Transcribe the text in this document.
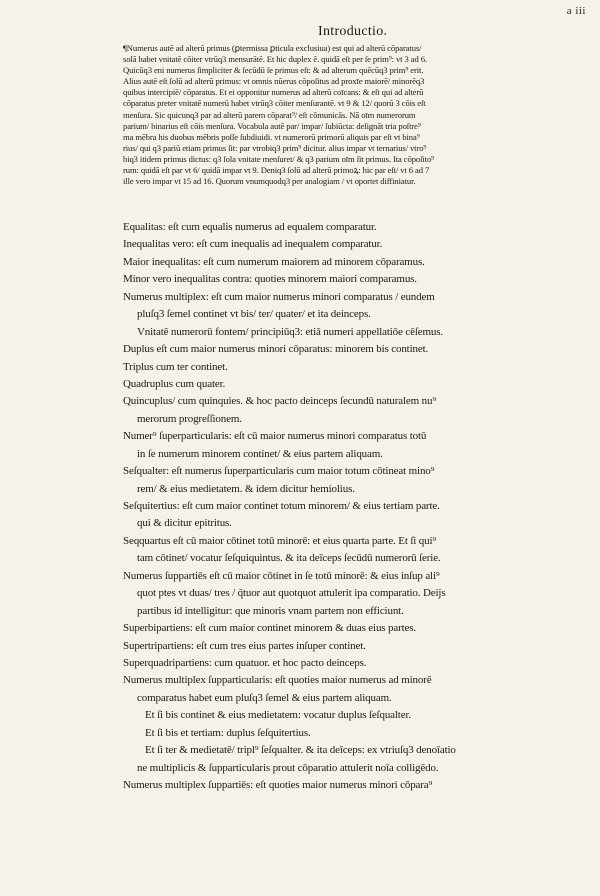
a iii
Introductio.
¶Numerus autē ad alterū primus (ꝑtermissa ꝑticula exclusiua) est qui ad alterū cōparatus/
solā habet vnitatē cōiter vtrūq3 mensurātē. Et hic duplex ē. quidā eſt per ſe prim⁹: vt 3 ad 6.
Quicūq3 eni numerus ſimpliciter & ſecūdū ſe primus eſt: & ad alterum quēcūq3 prim⁹ erit.
Alius autē eſt ſolū ad alterū primus: vt omnis nūerus cōpoſitus ad proxīe maiorē/ minorēq3
quibus intercipiē/ cōparatus. Et ei opponitur numerus ad alterū coīcans: & eſt qui ad alterū
cōparatus preter vnitatē numerū habet vtrūq3 cōiter menſurantē. vt 9 & 12/ quorū 3 cōis eſt
menſura. Sic quicunq3 par ad alterū parem cōparat⁹/ eſt cōmunicās. Nā oīm numerorum
parium/ binarius eſt cōis menſura. Vocabula autē par/ impar/ ſubiūcta: deſignāt tria poſtre⁹
ma mēbra his duobus mēbris poſſe ſubdiuidi. vt numerorū primorū aliquis par eſt vt bina⁹
rius/ qui q3 pariū etiam primus ſit: par vtrobiq3 prim⁹ dicitur. alius impar vt ternarius/ vtro⁹
biq3 itidem primus dictus: q3 ſola vnitate menſuret/ & q3 parium oīm ſit primus. Ita cōpoſito⁹
rum: quidā eſt par vt 6/ quidā impar vt 9. Deniq3 ſolū ad alterū primoꝝ: hic par eſt/ vt 6 ad 7
ille vero impar vt 15 ad 16. Quorum vnumquodq3 per analogiam / vt oportet diffiniatur.
Equalitas: eſt cum equalis numerus ad equalem comparatur.
Inequalitas vero: eſt cum inequalis ad inequalem comparatur.
Maior inequalitas: eſt cum numerum maiorem ad minorem cōparamus.
Minor vero inequalitas contra: quoties minorem maiori comparamus.
Numerus multiplex: eſt cum maior numerus minori comparatus / eundem
pluſq3 ſemel continet vt bis/ ter/ quater/ et ita deinceps.
Vnitatē numerorū fontem/ principiūq3: etiā numeri appellatiōe cēſemus.
Duplus eſt cum maior numerus minori cōparatus: minorem bis continet.
Triplus cum ter continet.
Quadruplus cum quater.
Quincuplus/ cum quinquies. & hoc pacto deinceps ſecundū naturalem nu⁹
merorum progreſſionem.
Numer⁹ ſuperparticularis: eſt cū maior numerus minori comparatus totū
in ſe numerum minorem continet/ & eius partem aliquam.
Seſqualter: eſt numerus ſuperparticularis cum maior totum cōtineat mino⁹
rem/ & eius medietatem. & idem dicitur hemiolius.
Seſquitertius: eſt cum maior continet totum minorem/ & eius tertiam parte.
qui & dicitur epitritus.
Seqquartus eſt cū maior cōtinet totū minorē: et eius quarta parte. Et ſi qui⁹
tam cōtinet/ vocatur ſeſquiquintus. & ita deīceps ſecūdū numerorū ſerie.
Numerus ſuppartiēs eſt cū maior cōtinet in ſe totū minorē: & eius inſup ali⁹
quot ptes vt duas/ tres / q̄tuor aut quotquot attulerit ipa comparatio. Deijs
partibus id intelligitur: que minoris vnam partem non efficiunt.
Superbipartiens: eſt cum maior continet minorem & duas eius partes.
Supertripartiens: eſt cum tres eius partes inſuper continet.
Superquadripartiens: cum quatuor. et hoc pacto deinceps.
Numerus multiplex ſupparticularis: eſt quoties maior numerus ad minorē
comparatus habet eum pluſq3 ſemel & eius partem aliquam.
Et ſi bis continet & eius medietatem: vocatur duplus ſeſqualter.
Et ſi bis et tertiam: duplus ſeſquitertius.
Et ſi ter & medietatē/ tripl⁹ ſeſqualter. & ita deīceps: ex vtriuſq3 denoīatio
ne multiplicis & ſupparticularis prout cōparatio attulerit noīa colligēdo.
Numerus multiplex ſuppartiēs: eſt quoties maior numerus minori cōpara⁹
